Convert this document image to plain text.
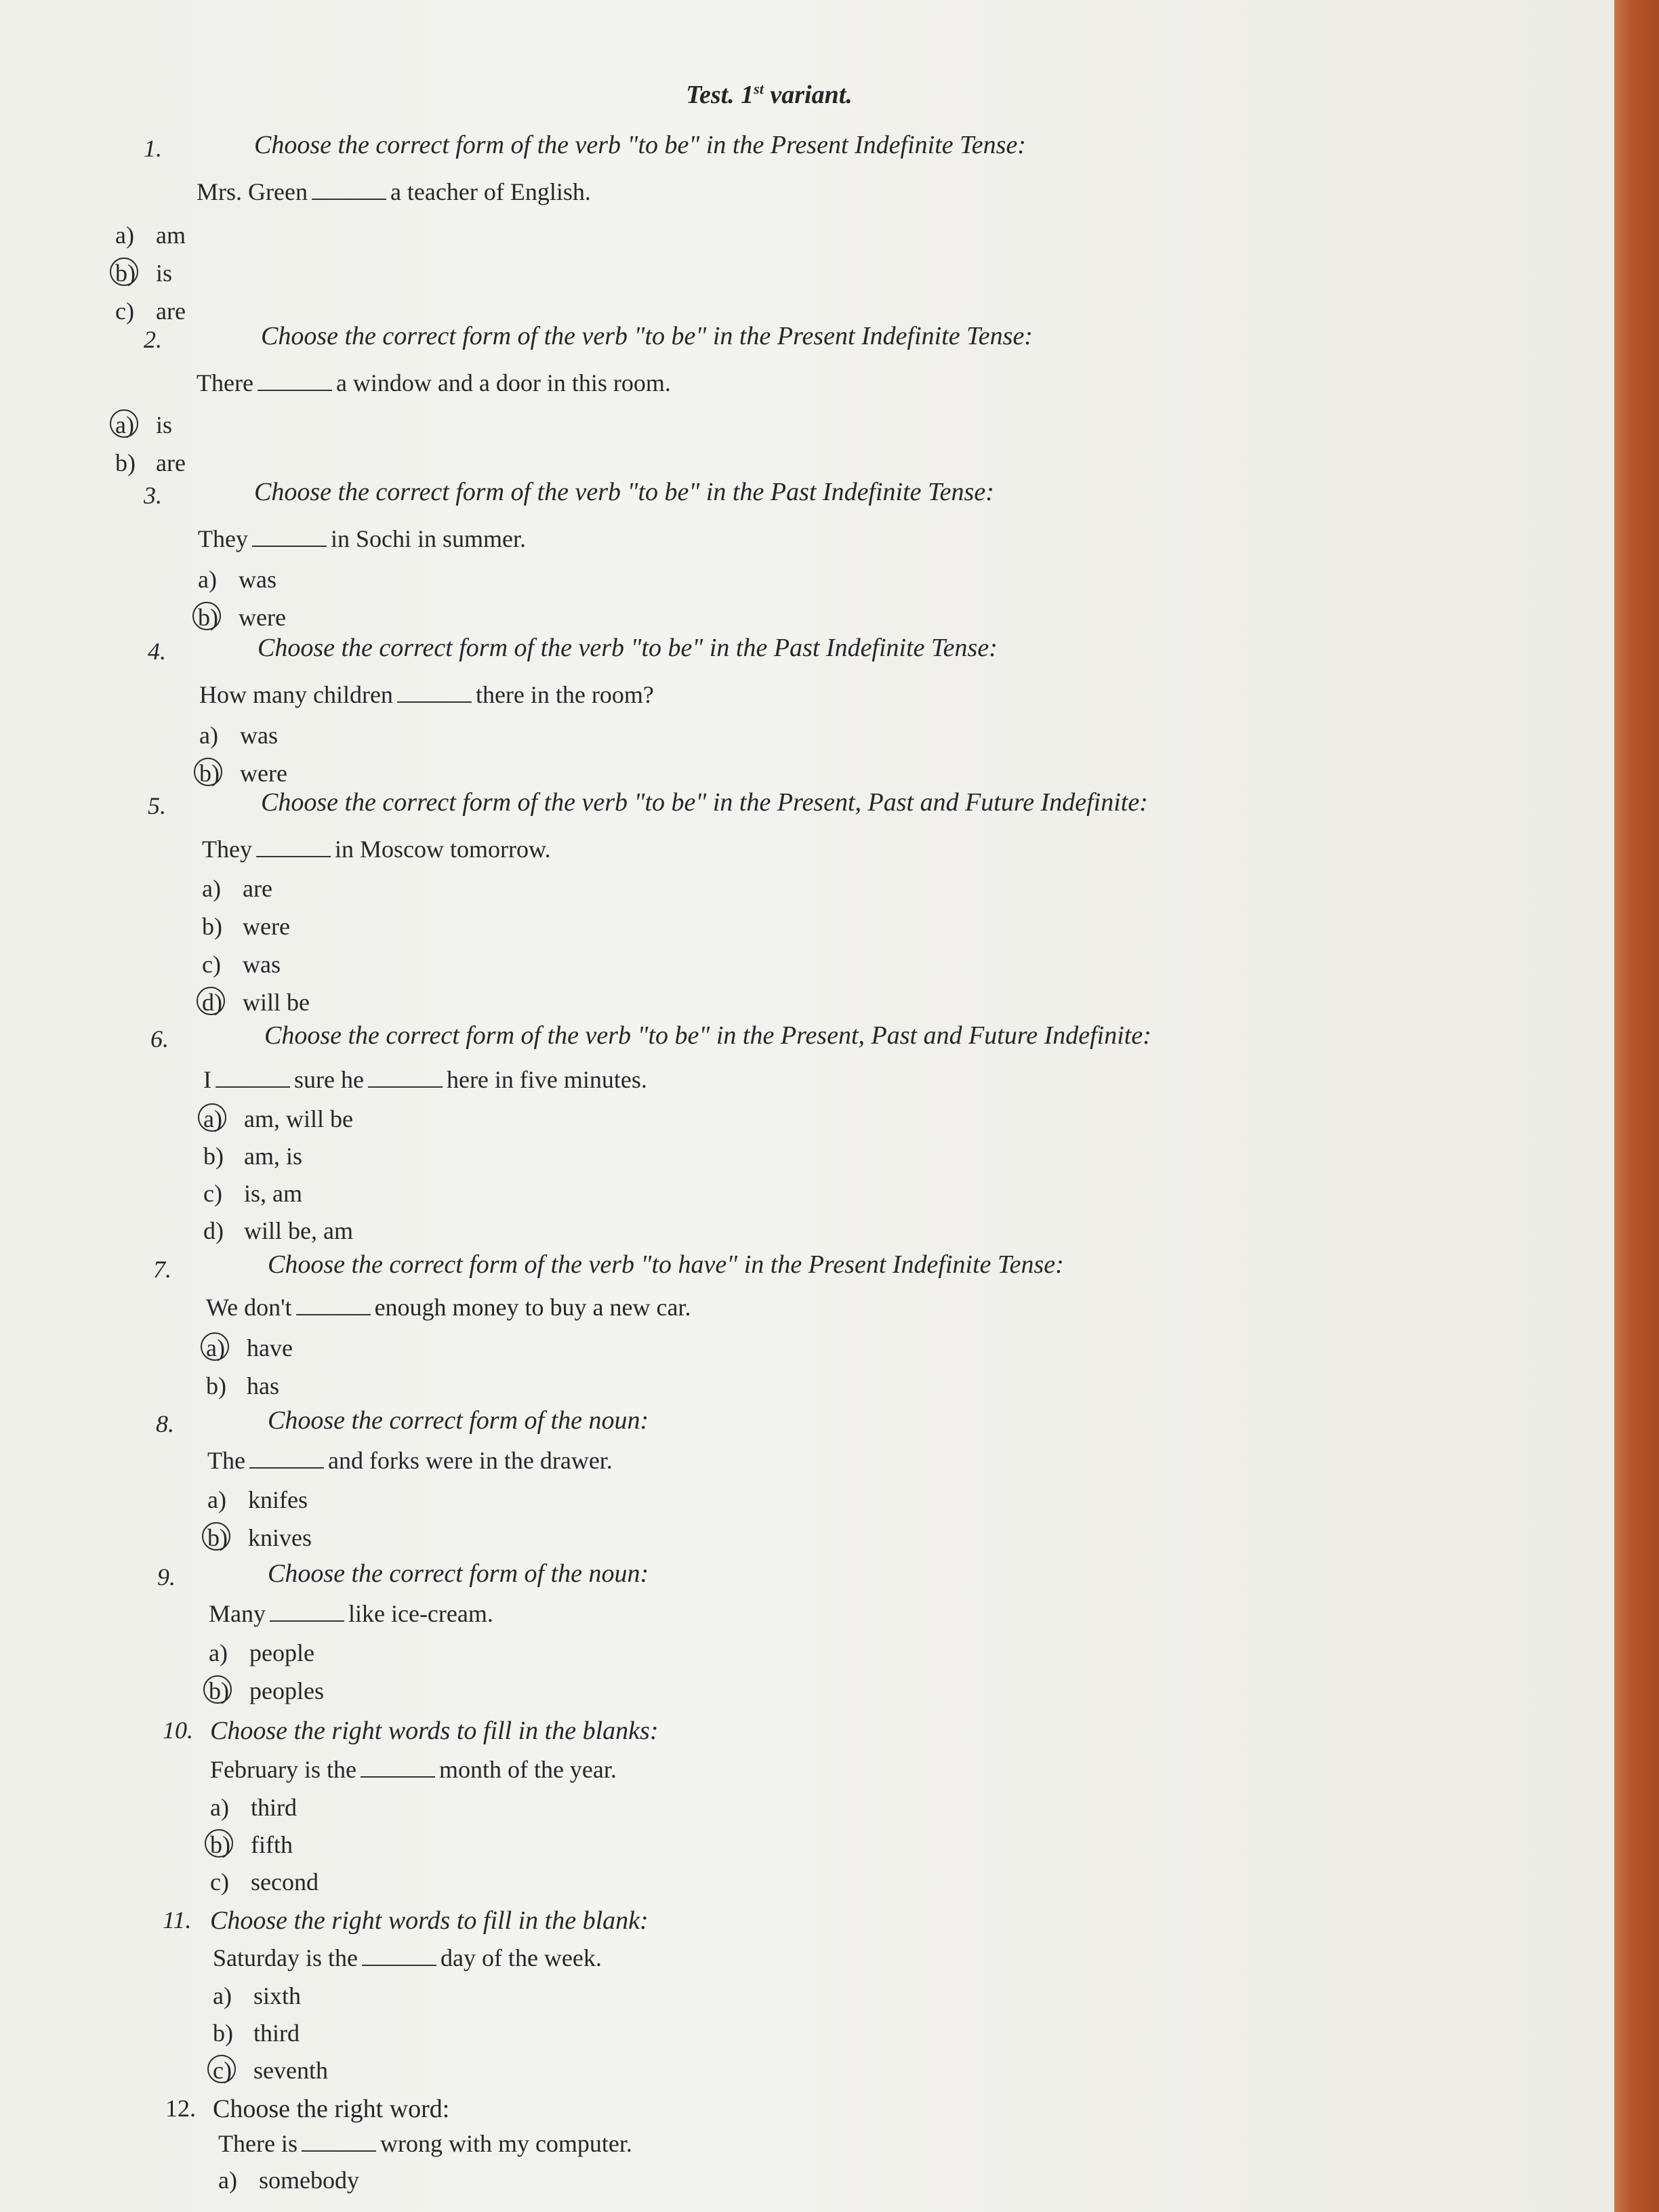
Test. 1st variant.
1.	Choose the correct form of the verb "to be" in the Present Indefinite Tense:
Mrs. Green	a teacher of English.
a) am
b) is
c) are
2.	Choose the correct form of the verb "to be" in the Present Indefinite Tense:
There	a window and a door in this room.
a) is
b) are
3.	Choose the correct form of the verb "to be" in the Past Indefinite Tense:
They	in Sochi in summer.
a) was
b) were
4.	Choose the correct form of the verb "to be" in the Past Indefinite Tense:
How many children	there in the room?
a) was
b) were
5.	Choose the correct form of the verb "to be" in the Present, Past and Future Indefinite:
They	in Moscow tomorrow.
a) are
b) were
c) was
d) will be
6.	Choose the correct form of the verb "to be" in the Present, Past and Future Indefinite:
I	sure he	here in five minutes.
a) am, will be
b) am, is
c) is, am
d) will be, am
7.	Choose the correct form of the verb "to have" in the Present Indefinite Tense:
We don't	enough money to buy a new car.
a) have
b) has
8.	Choose the correct form of the noun:
The	and forks were in the drawer.
a) knifes
b) knives
9.	Choose the correct form of the noun:
Many	like ice-cream.
a) people
b) peoples
10. Choose the right words to fill in the blanks:
February is the	month of the year.
a) third
b) fifth
c) second
11. Choose the right words to fill in the blank:
Saturday is the	day of the week.
a) sixth
b) third
c) seventh
12. Choose the right word:
There is	wrong with my computer.
a) somebody
